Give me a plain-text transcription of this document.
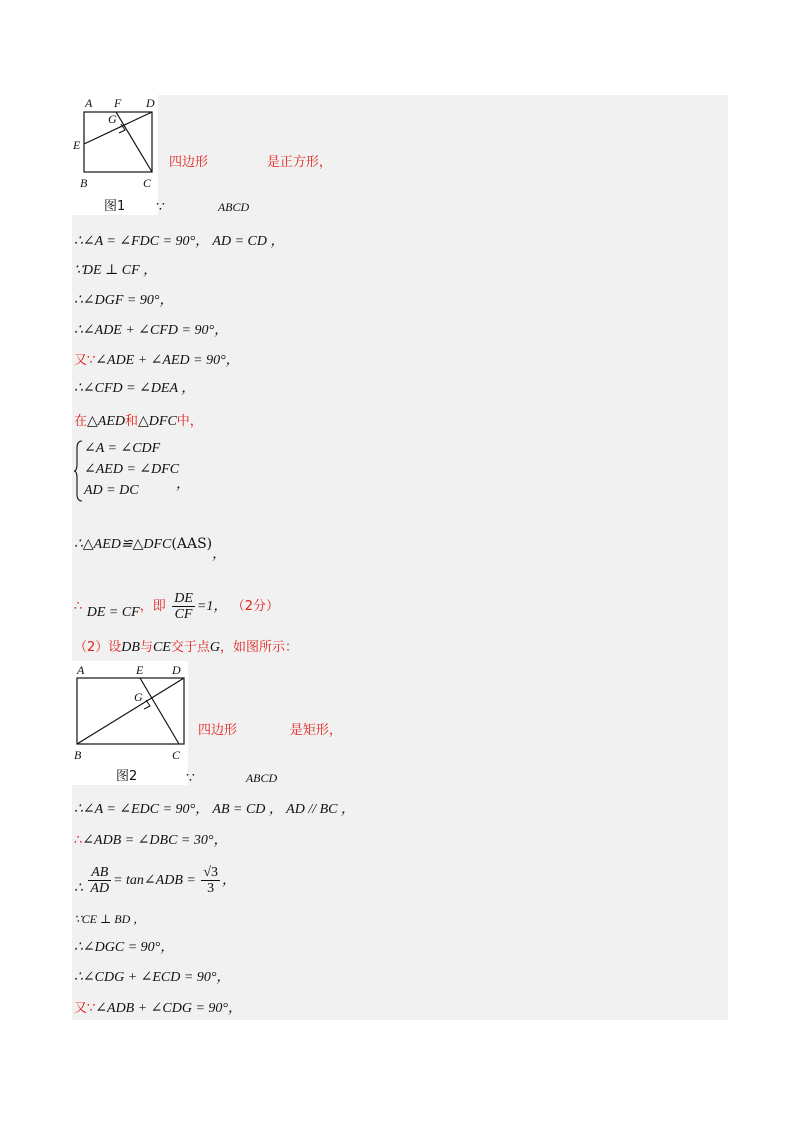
A F D
G
E
B	C
图1
四边形	是正方形，
∵	ABCD
∴∠A = ∠FDC = 90°， AD = CD ，
∵DE ⊥ CF ，
∴∠DGF = 90°，
∴∠ADE + ∠CFD = 90°，
又∵∠ADE + ∠AED = 90°，
∴∠CFD = ∠DEA ，
在△AED和△DFC中，
∠A = ∠CDF
∠AED = ∠DFC
AD = DC	，
∴△AED≌△DFC(AAS)，
∴ DE = CF，即 $\frac{DE}{CF} =1$， （2分）
（2）设DB与CE交于点G，如图所示：
A	E D
G
B	C
图2
四边形	是矩形，
∵	ABCD
∴∠A = ∠EDC = 90°， AB = CD ， AD // BC ，
∴∠ADB = ∠DBC = 30°，
∴ $\frac{AB}{AD}$ = tan∠ADB = $\frac{√3}{3}$ ，
∵CE ⊥ BD ，
∴∠DGC = 90°，
∴∠CDG + ∠ECD = 90°，
又∵∠ADB + ∠CDG = 90°，
